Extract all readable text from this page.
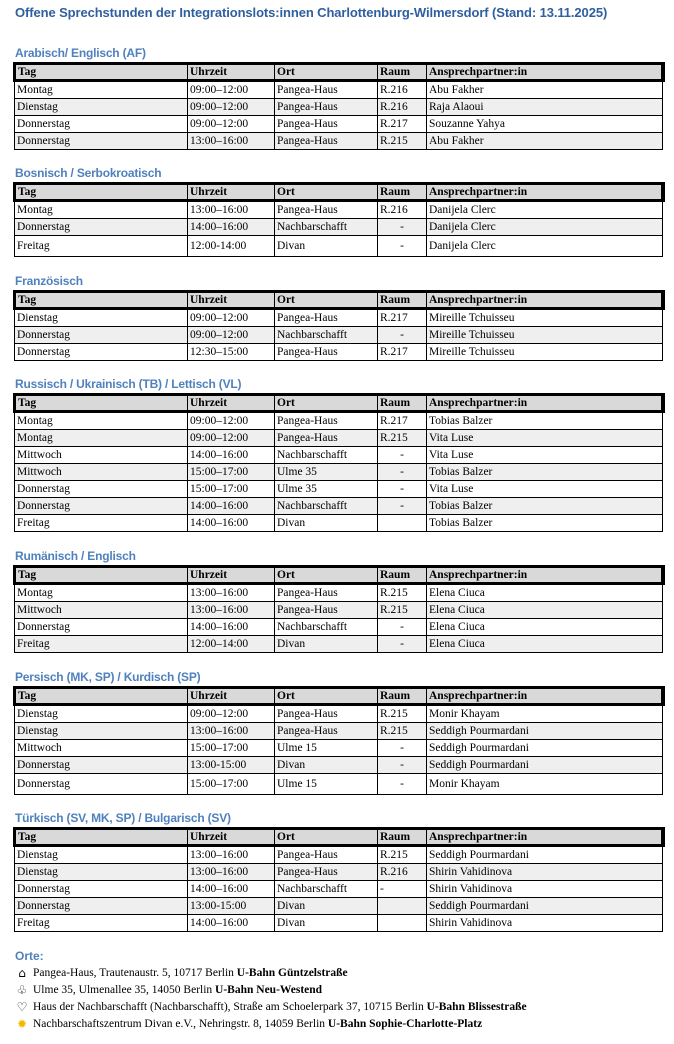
Offene Sprechstunden der Integrationslots:innen Charlottenburg-Wilmersdorf (Stand: 13.11.2025)
Arabisch/ Englisch (AF)
Tag	Uhrzeit	Ort	Raum	Ansprechpartner:in
Montag	09:00–12:00	Pangea-Haus	R.216	Abu Fakher
Dienstag	09:00–12:00	Pangea-Haus	R.216	Raja Alaoui
Donnerstag	09:00–12:00	Pangea-Haus	R.217	Souzanne Yahya
Donnerstag	13:00–16:00	Pangea-Haus	R.215	Abu Fakher
Bosnisch / Serbokroatisch
Tag	Uhrzeit	Ort	Raum	Ansprechpartner:in
Montag	13:00–16:00	Pangea-Haus	R.216	Danijela Clerc
Donnerstag	14:00–16:00	Nachbarschafft	-	Danijela Clerc
Freitag	12:00-14:00	Divan	-	Danijela Clerc
Französisch
Tag	Uhrzeit	Ort	Raum	Ansprechpartner:in
Dienstag	09:00–12:00	Pangea-Haus	R.217	Mireille Tchuisseu
Donnerstag	09:00–12:00	Nachbarschafft	-	Mireille Tchuisseu
Donnerstag	12:30–15:00	Pangea-Haus	R.217	Mireille Tchuisseu
Russisch / Ukrainisch (TB) / Lettisch (VL)
Tag	Uhrzeit	Ort	Raum	Ansprechpartner:in
Montag	09:00–12:00	Pangea-Haus	R.217	Tobias Balzer
Montag	09:00–12:00	Pangea-Haus	R.215	Vita Luse
Mittwoch	14:00–16:00	Nachbarschafft	-	Vita Luse
Mittwoch	15:00–17:00	Ulme 35	-	Tobias Balzer
Donnerstag	15:00–17:00	Ulme 35	-	Vita Luse
Donnerstag	14:00–16:00	Nachbarschafft	-	Tobias Balzer
Freitag	14:00–16:00	Divan		Tobias Balzer
Rumänisch / Englisch
Tag	Uhrzeit	Ort	Raum	Ansprechpartner:in
Montag	13:00–16:00	Pangea-Haus	R.215	Elena Ciuca
Mittwoch	13:00–16:00	Pangea-Haus	R.215	Elena Ciuca
Donnerstag	14:00–16:00	Nachbarschafft	-	Elena Ciuca
Freitag	12:00–14:00	Divan	-	Elena Ciuca
Persisch (MK, SP) / Kurdisch (SP)
Tag	Uhrzeit	Ort	Raum	Ansprechpartner:in
Dienstag	09:00–12:00	Pangea-Haus	R.215	Monir Khayam
Dienstag	13:00–16:00	Pangea-Haus	R.215	Seddigh Pourmardani
Mittwoch	15:00–17:00	Ulme 15	-	Seddigh Pourmardani
Donnerstag	13:00-15:00	Divan	-	Seddigh Pourmardani
Donnerstag	15:00–17:00	Ulme 15	-	Monir Khayam
Türkisch (SV, MK, SP) / Bulgarisch (SV)
Tag	Uhrzeit	Ort	Raum	Ansprechpartner:in
Dienstag	13:00–16:00	Pangea-Haus	R.215	Seddigh Pourmardani
Dienstag	13:00–16:00	Pangea-Haus	R.216	Shirin Vahidinova
Donnerstag	14:00–16:00	Nachbarschafft	-	Shirin Vahidinova
Donnerstag	13:00-15:00	Divan		Seddigh Pourmardani
Freitag	14:00–16:00	Divan		Shirin Vahidinova
Orte:
⌂ Pangea-Haus, Trautenaustr. 5, 10717 Berlin U-Bahn Güntzelstraße
♧ Ulme 35, Ulmenallee 35, 14050 Berlin U-Bahn Neu-Westend
♡ Haus der Nachbarschafft (Nachbarschafft), Straße am Schoelerpark 37, 10715 Berlin U-Bahn Blissestraße
✹ Nachbarschaftszentrum Divan e.V., Nehringstr. 8, 14059 Berlin U-Bahn Sophie-Charlotte-Platz
